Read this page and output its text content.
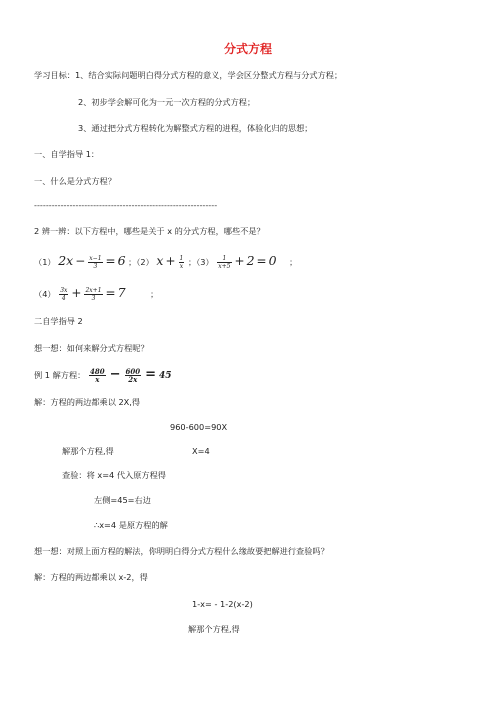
分式方程
学习目标：1、结合实际问题明白得分式方程的意义，学会区分整式方程与分式方程；
2、初步学会解可化为一元一次方程的分式方程；
3、通过把分式方程转化为解整式方程的进程，体验化归的思想；
一、自学指导 1：
一、什么是分式方程？
--------------------------------------------------------------
2 辨一辨：以下方程中，哪些是关于 x 的分式方程，哪些不是？
（1） $2x - \frac{x-1}{3} = 6$ ；（2） $x + \frac{1}{x}$ ；$(3) \frac{1}{x+5} + 2 = 0$ ；
$(4) \frac{3x}{4} + \frac{2x+1}{3} = 7$	；
二自学指导 2
想一想：如何来解分式方程呢？
例 1 解方程： $\frac{480}{x} - \frac{600}{2x} = 45$
解：方程的两边都乘以 2X,得
960-600=90X
解那个方程,得	X=4
查验：将 x=4 代入原方程得
左侧=45=右边
∴x=4 是原方程的解
想一想：对照上面方程的解法，你明明白得分式方程什么缘故要把解进行查验吗？
解：方程的两边都乘以 x-2，得
1-x= - 1-2(x-2)
解那个方程,得
